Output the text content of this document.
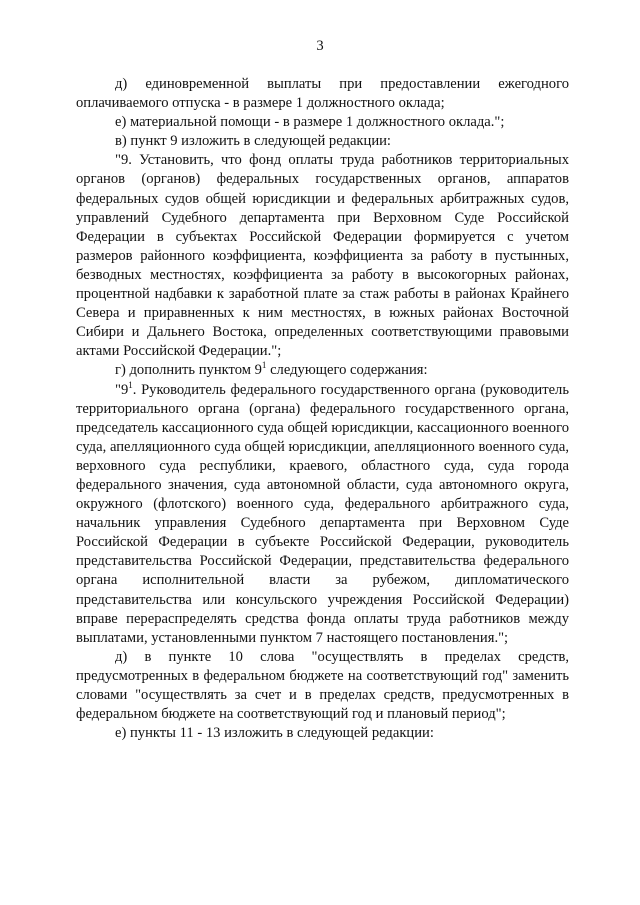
3

д) единовременной выплаты при предоставлении ежегодного оплачиваемого отпуска - в размере 1 должностного оклада;

е) материальной помощи - в размере 1 должностного оклада.";

в) пункт 9 изложить в следующей редакции:

"9. Установить, что фонд оплаты труда работников территориальных органов (органов) федеральных государственных органов, аппаратов федеральных судов общей юрисдикции и федеральных арбитражных судов, управлений Судебного департамента при Верховном Суде Российской Федерации в субъектах Российской Федерации формируется с учетом размеров районного коэффициента, коэффициента за работу в пустынных, безводных местностях, коэффициента за работу в высокогорных районах, процентной надбавки к заработной плате за стаж работы в районах Крайнего Севера и приравненных к ним местностях, в южных районах Восточной Сибири и Дальнего Востока, определенных соответствующими правовыми актами Российской Федерации.";

г) дополнить пунктом $9^1$ следующего содержания:

"$9^1$. Руководитель федерального государственного органа (руководитель территориального органа (органа) федерального государственного органа, председатель кассационного суда общей юрисдикции, кассационного военного суда, апелляционного суда общей юрисдикции, апелляционного военного суда, верховного суда республики, краевого, областного суда, суда города федерального значения, суда автономной области, суда автономного округа, окружного (флотского) военного суда, федерального арбитражного суда, начальник управления Судебного департамента при Верховном Суде Российской Федерации в субъекте Российской Федерации, руководитель представительства Российской Федерации, представительства федерального органа исполнительной власти за рубежом, дипломатического представительства или консульского учреждения Российской Федерации) вправе перераспределять средства фонда оплаты труда работников между выплатами, установленными пунктом 7 настоящего постановления.";

д) в пункте 10 слова "осуществлять в пределах средств, предусмотренных в федеральном бюджете на соответствующий год" заменить словами "осуществлять за счет и в пределах средств, предусмотренных в федеральном бюджете на соответствующий год и плановый период";

е) пункты 11 - 13 изложить в следующей редакции:
